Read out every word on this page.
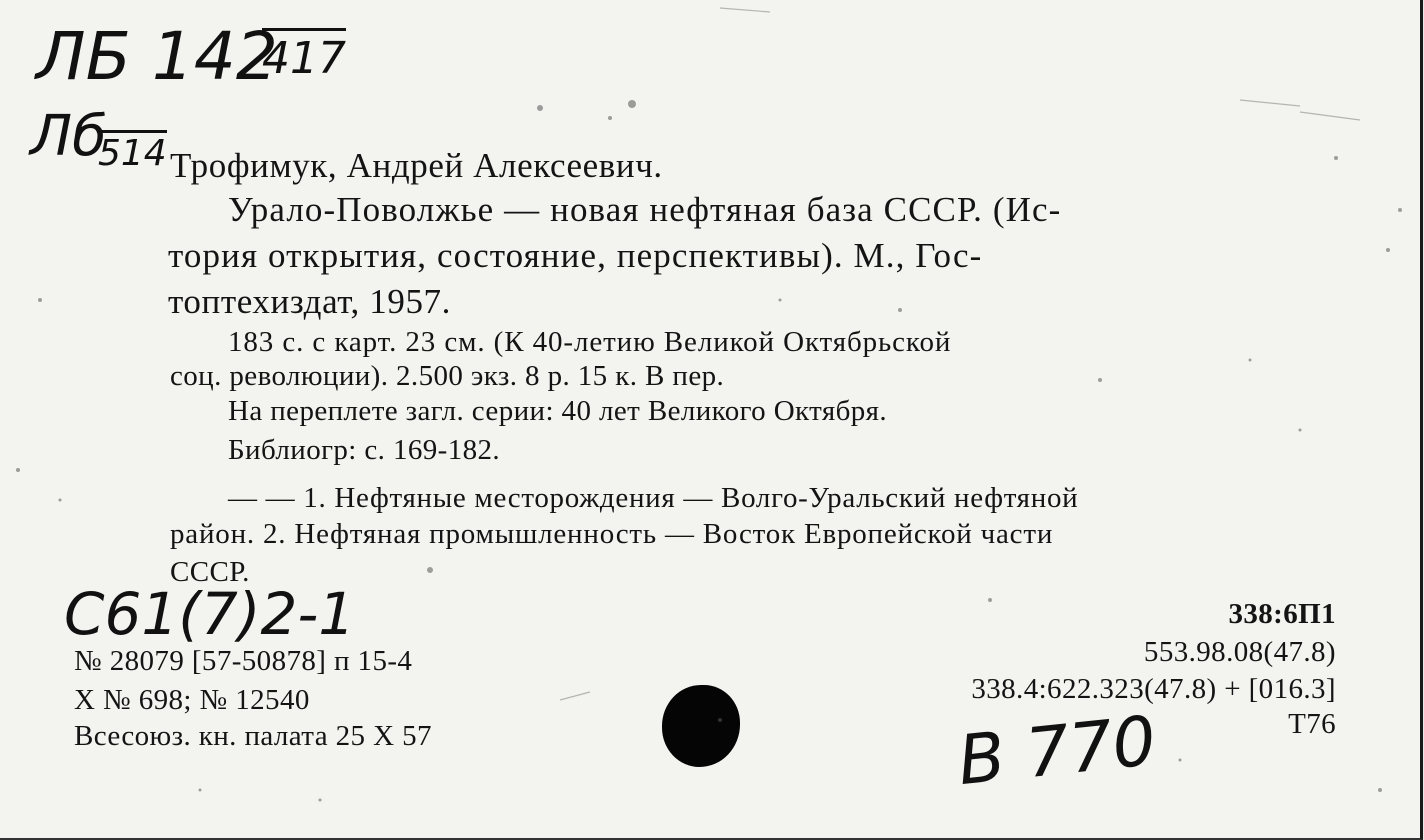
ЛБ 142
417
Лб
514 Трофимук, Андрей Алексеевич.
Урало-Поволжье — новая нефтяная база СССР. (Ис-
тория открытия, состояние, перспективы). М., Гос-
топтехиздат, 1957.
183 с. с карт. 23 см. (К 40-летию Великой Октябрьской
соц. революции). 2.500 экз. 8 р. 15 к. В пер.
На переплете загл. серии: 40 лет Великого Октября.
Библиогр: с. 169-182.
— — 1. Нефтяные месторождения — Волго-Уральский нефтяной
район. 2. Нефтяная промышленность — Восток Европейской части
СССР.
С61(7)2-1
№ 28079 [57-50878] п 15-4
Х № 698; № 12540
Всесоюз. кн. палата 25 Х 57
338:6П1
553.98.08(47.8)
338.4:622.323(47.8) + [016.3]
Т76
В 770
